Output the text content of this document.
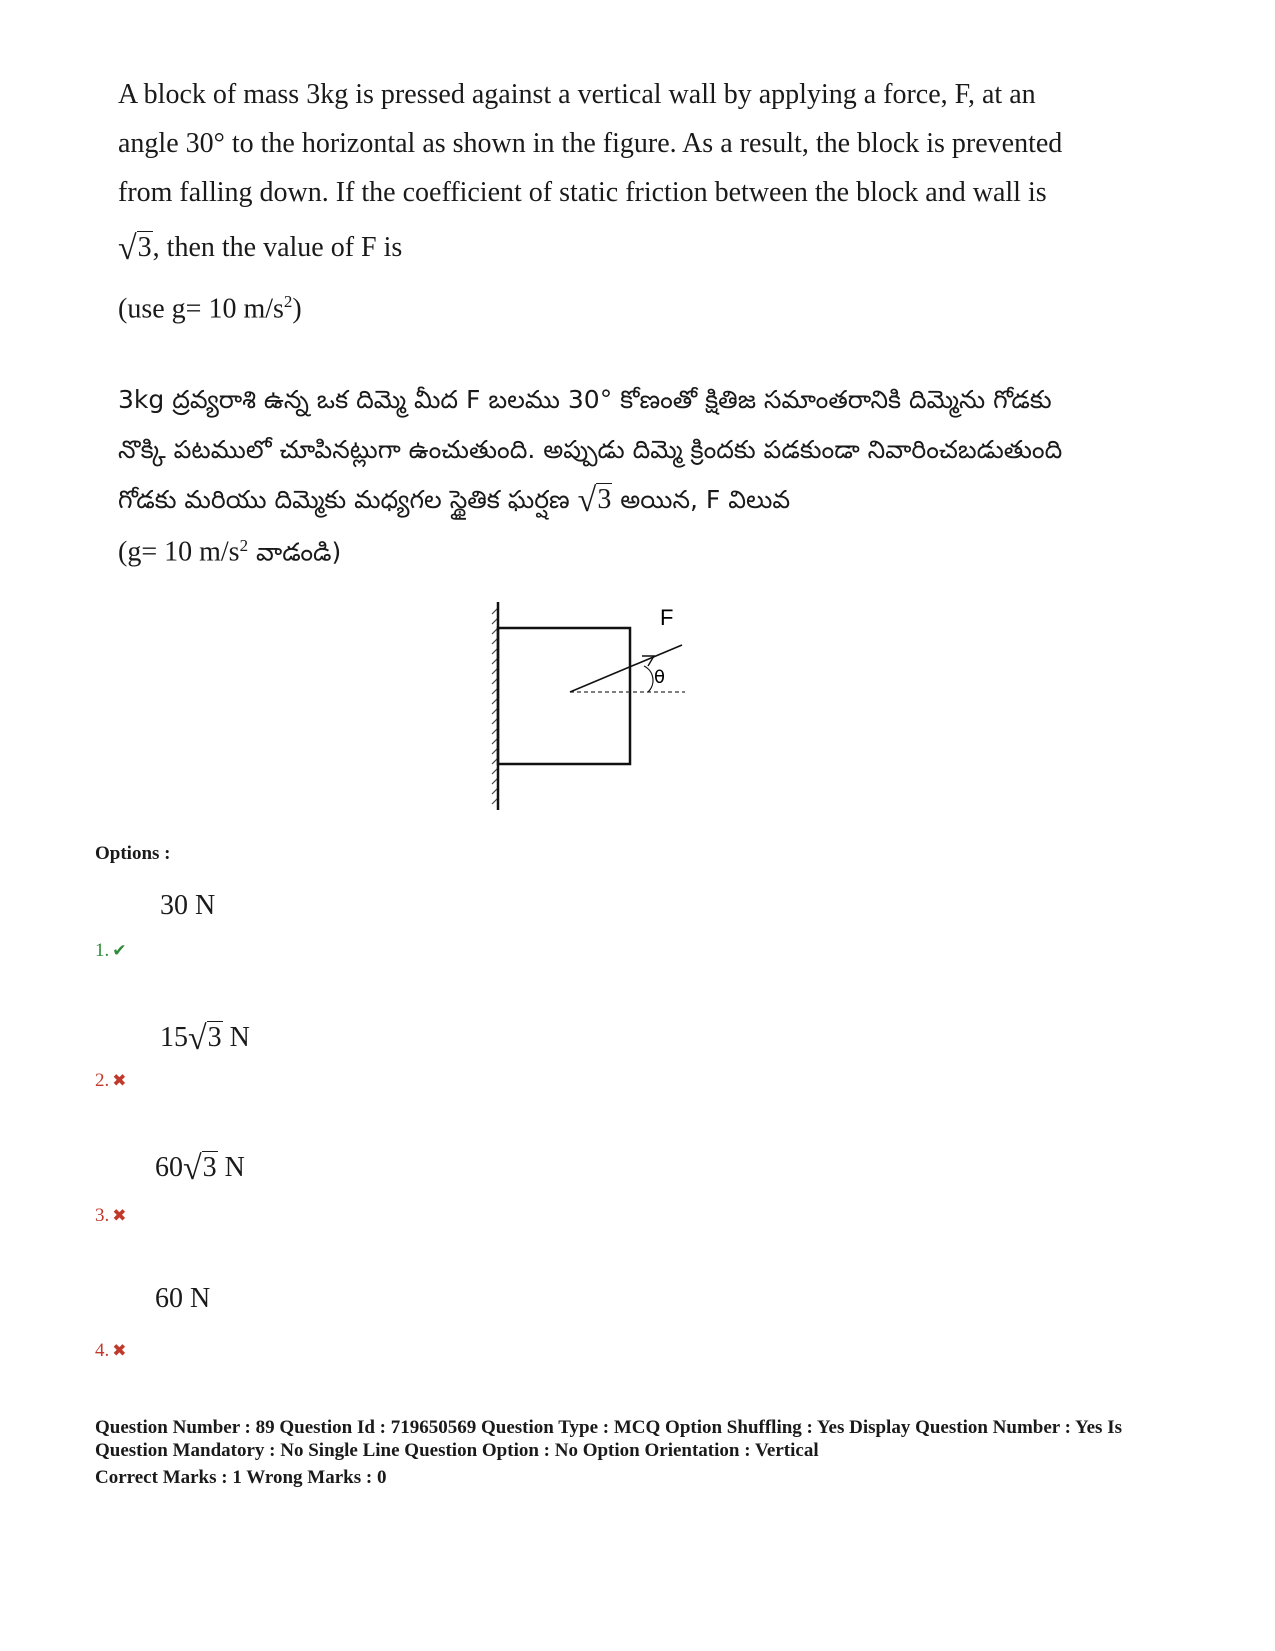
A block of mass 3kg is pressed against a vertical wall by applying a force, F, at an

angle 30° to the horizontal as shown in the figure. As a result, the block is prevented

from falling down. If the coefficient of static friction between the block and wall is

√3, then the value of F is

(use g= 10 $m/s^2$)

3kg ద్రవ్యరాశి ఉన్న ఒక దిమ్మె మీద F బలము 30° కోణంతో క్షితిజ సమాంతరానికి దిమ్మెను గోడకు

నొక్కి పటములో చూపినట్లుగా ఉంచుతుంది. అప్పుడు దిమ్మె క్రిందకు పడకుండా నివారించబడుతుంది

గోడకు మరియు దిమ్మెకు మధ్యగల స్థైతిక ఘర్షణ √3 అయిన, F విలువ

(g= 10 $m/s^2$ వాడండి)

F
θ
Options :
30 N
1. ✔
15√3 N
2. ✖
60√3 N
3. ✖
60 N
4. ✖

Question Number : 89 Question Id : 719650569 Question Type : MCQ Option Shuffling : Yes Display Question Number : Yes Is

Question Mandatory : No Single Line Question Option : No Option Orientation : Vertical

Correct Marks : 1 Wrong Marks : 0
